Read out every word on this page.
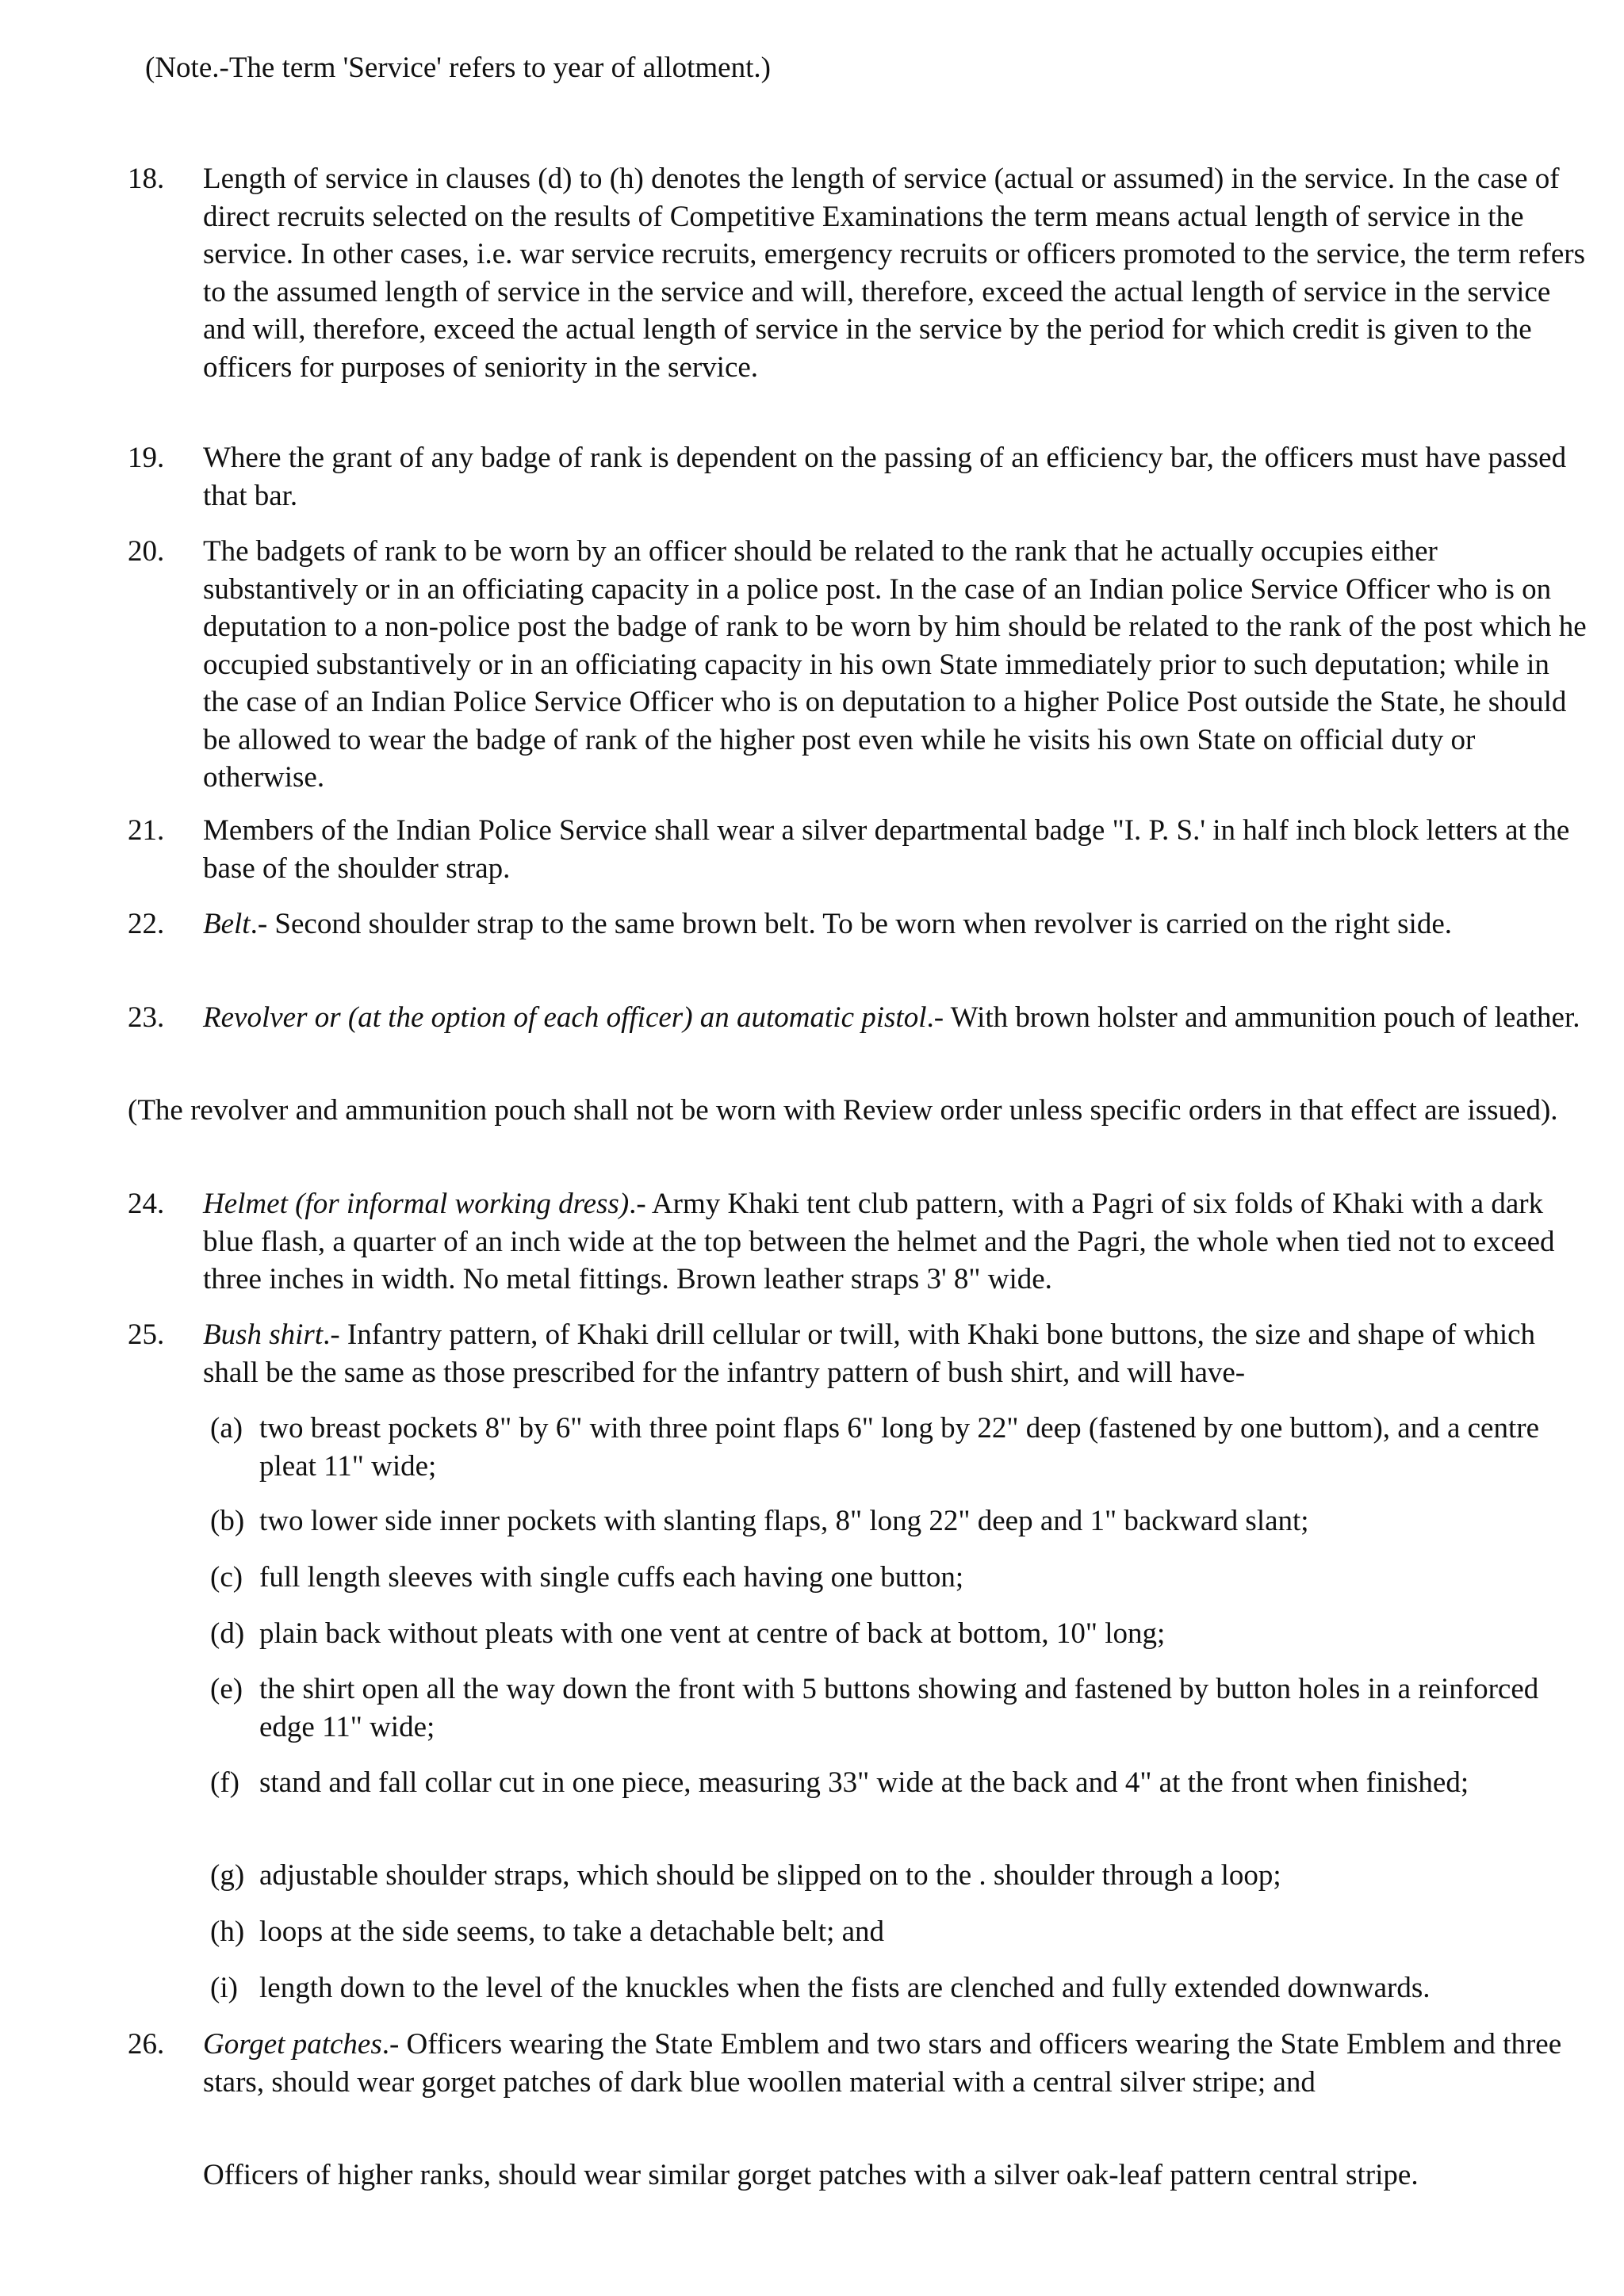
(Note.-The term 'Service' refers to year of allotment.)
18. Length of service in clauses (d) to (h) denotes the length of service (actual or assumed) in the service. In the case of direct recruits selected on the results of Competitive Examinations the term means actual length of service in the service. In other cases, i.e. war service recruits, emergency recruits or officers promoted to the service, the term refers to the assumed length of service in the service and will, therefore, exceed the actual length of service in the service and will, therefore, exceed the actual length of service in the service by the period for which credit is given to the officers for purposes of seniority in the service.
19. Where the grant of any badge of rank is dependent on the passing of an efficiency bar, the officers must have passed that bar.
20. The badgets of rank to be worn by an officer should be related to the rank that he actually occupies either substantively or in an officiating capacity in a police post. In the case of an Indian police Service Officer who is on deputation to a non-police post the badge of rank to be worn by him should be related to the rank of the post which he occupied substantively or in an officiating capacity in his own State immediately prior to such deputation; while in the case of an Indian Police Service Officer who is on deputation to a higher Police Post outside the State, he should be allowed to wear the badge of rank of the higher post even while he visits his own State on official duty or otherwise.
21. Members of the Indian Police Service shall wear a silver departmental badge "I. P. S.' in half inch block letters at the base of the shoulder strap.
22. Belt.- Second shoulder strap to the same brown belt. To be worn when revolver is carried on the right side.
23. Revolver or (at the option of each officer) an automatic pistol.- With brown holster and ammunition pouch of leather.
(The revolver and ammunition pouch shall not be worn with Review order unless specific orders in that effect are issued).
24. Helmet (for informal working dress).- Army Khaki tent club pattern, with a Pagri of six folds of Khaki with a dark blue flash, a quarter of an inch wide at the top between the helmet and the Pagri, the whole when tied not to exceed three inches in width. No metal fittings. Brown leather straps 3' 8" wide.
25. Bush shirt.- Infantry pattern, of Khaki drill cellular or twill, with Khaki bone buttons, the size and shape of which shall be the same as those prescribed for the infantry pattern of bush shirt, and will have-
(a) two breast pockets 8" by 6" with three point flaps 6" long by 22" deep (fastened by one buttom), and a centre pleat 11" wide;
(b) two lower side inner pockets with slanting flaps, 8" long 22" deep and 1" backward slant;
(c) full length sleeves with single cuffs each having one button;
(d) plain back without pleats with one vent at centre of back at bottom, 10" long;
(e) the shirt open all the way down the front with 5 buttons showing and fastened by button holes in a reinforced edge 11" wide;
(f) stand and fall collar cut in one piece, measuring 33" wide at the back and 4" at the front when finished;
(g) adjustable shoulder straps, which should be slipped on to the . shoulder through a loop;
(h) loops at the side seems, to take a detachable belt; and
(i) length down to the level of the knuckles when the fists are clenched and fully extended downwards.
26. Gorget patches.- Officers wearing the State Emblem and two stars and officers wearing the State Emblem and three stars, should wear gorget patches of dark blue woollen material with a central silver stripe; and
Officers of higher ranks, should wear similar gorget patches with a silver oak-leaf pattern central stripe.
